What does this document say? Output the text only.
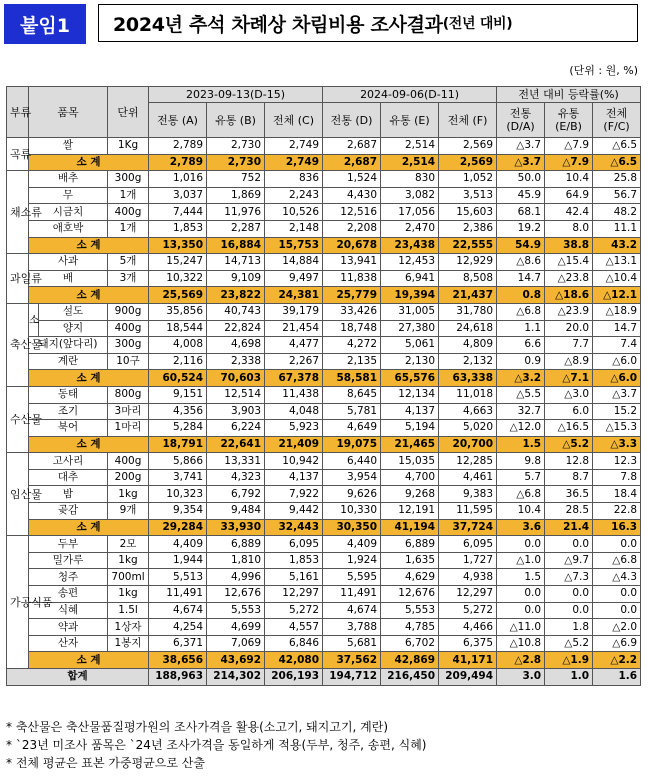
붙임1	2024년 추석 차례상 차림비용 조사결과 (전년 대비)
(단위 : 원, %)
부류	품목		단위	2023-09-13(D-15)			2024-09-06(D-11)			전년 대비 등락률(%)		
				전통 (A)	유통 (B)	전체 (C)	전통 (D)	유통 (E)	전체 (F)	전통 (D/A)	유통 (E/B)	전체 (F/C)
곡류	쌀		1Kg	2,789	2,730	2,749	2,687	2,514	2,569	△3.7	△7.9	△6.5
	소 계			2,789	2,730	2,749	2,687	2,514	2,569	△3.7	△7.9	△6.5
채소류	배추		300g	1,016	752	836	1,524	830	1,052	50.0	10.4	25.8
	무		1개	3,037	1,869	2,243	4,430	3,082	3,513	45.9	64.9	56.7
	시금치		400g	7,444	11,976	10,526	12,516	17,056	15,603	68.1	42.4	48.2
	애호박		1개	1,853	2,287	2,148	2,208	2,470	2,386	19.2	8.0	11.1
	소 계			13,350	16,884	15,753	20,678	23,438	22,555	54.9	38.8	43.2
과일류	사과		5개	15,247	14,713	14,884	13,941	12,453	12,929	△8.6	△15.4	△13.1
	배		3개	10,322	9,109	9,497	11,838	6,941	8,508	14.7	△23.8	△10.4
	소 계			25,569	23,822	24,381	25,779	19,394	21,437	0.8	△18.6	△12.1
축산물	소	설도	900g	35,856	40,743	39,179	33,426	31,005	31,780	△6.8	△23.9	△18.9
		양지	400g	18,544	22,824	21,454	18,748	27,380	24,618	1.1	20.0	14.7
	돼지(앞다리)		300g	4,008	4,698	4,477	4,272	5,061	4,809	6.6	7.7	7.4
	계란		10구	2,116	2,338	2,267	2,135	2,130	2,132	0.9	△8.9	△6.0
	소 계			60,524	70,603	67,378	58,581	65,576	63,338	△3.2	△7.1	△6.0
수산물	동태		800g	9,151	12,514	11,438	8,645	12,134	11,018	△5.5	△3.0	△3.7
	조기		3마리	4,356	3,903	4,048	5,781	4,137	4,663	32.7	6.0	15.2
	북어		1마리	5,284	6,224	5,923	4,649	5,194	5,020	△12.0	△16.5	△15.3
	소 계			18,791	22,641	21,409	19,075	21,465	20,700	1.5	△5.2	△3.3
임산물	고사리		400g	5,866	13,331	10,942	6,440	15,035	12,285	9.8	12.8	12.3
	대추		200g	3,741	4,323	4,137	3,954	4,700	4,461	5.7	8.7	7.8
	밤		1kg	10,323	6,792	7,922	9,626	9,268	9,383	△6.8	36.5	18.4
	곶감		9개	9,354	9,484	9,442	10,330	12,191	11,595	10.4	28.5	22.8
	소 계			29,284	33,930	32,443	30,350	41,194	37,724	3.6	21.4	16.3
가공식품	두부		2모	4,409	6,889	6,095	4,409	6,889	6,095	0.0	0.0	0.0
	밀가루		1kg	1,944	1,810	1,853	1,924	1,635	1,727	△1.0	△9.7	△6.8
	청주		700ml	5,513	4,996	5,161	5,595	4,629	4,938	1.5	△7.3	△4.3
	송편		1kg	11,491	12,676	12,297	11,491	12,676	12,297	0.0	0.0	0.0
	식혜		1.5l	4,674	5,553	5,272	4,674	5,553	5,272	0.0	0.0	0.0
	약과		1상자	4,254	4,699	4,557	3,788	4,785	4,466	△11.0	1.8	△2.0
	산자		1봉지	6,371	7,069	6,846	5,681	6,702	6,375	△10.8	△5.2	△6.9
	소 계			38,656	43,692	42,080	37,562	42,869	41,171	△2.8	△1.9	△2.2
합계				188,963	214,302	206,193	194,712	216,450	209,494	3.0	1.0	1.6
* 축산물은 축산물품질평가원의 조사가격을 활용(소고기, 돼지고기, 계란)
* `23년 미조사 품목은 `24년 조사가격을 동일하게 적용(두부, 청주, 송편, 식혜)
* 전체 평균은 표본 가중평균으로 산출
